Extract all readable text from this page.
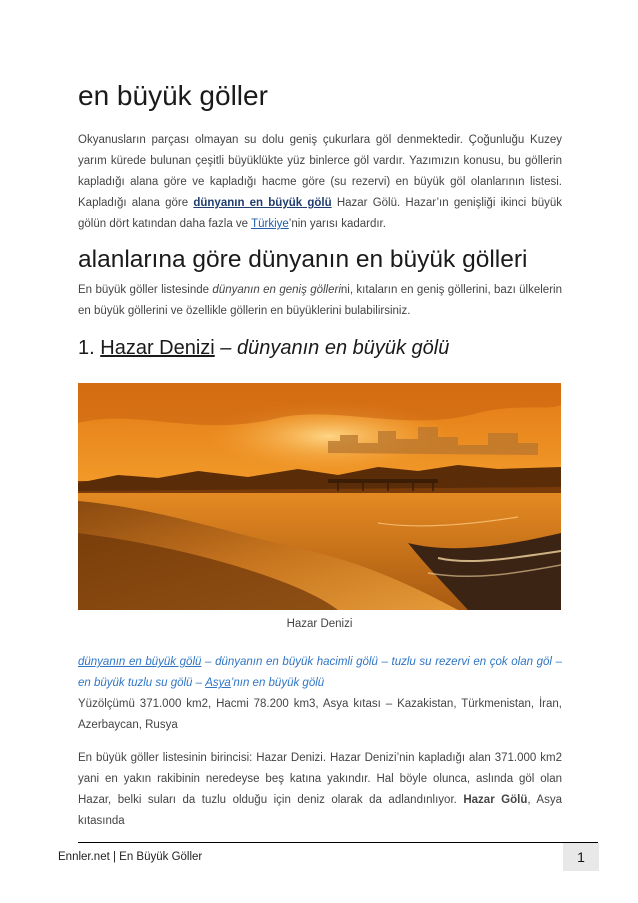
en büyük göller

Okyanusların parçası olmayan su dolu geniş çukurlara göl denmektedir. Çoğunluğu Kuzey yarım kürede bulunan çeşitli büyüklükte yüz binlerce göl vardır. Yazımızın konusu, bu göllerin kapladığı alana göre ve kapladığı hacme göre (su rezervi) en büyük göl olanlarının listesi. Kapladığı alana göre dünyanın en büyük gölü Hazar Gölü. Hazar’ın genişliği ikinci büyük gölün dört katından daha fazla ve Türkiye’nin yarısı kadardır.

alanlarına göre dünyanın en büyük gölleri

En büyük göller listesinde dünyanın en geniş göllerini, kıtaların en geniş göllerini, bazı ülkelerin en büyük göllerini ve özellikle göllerin en büyüklerini bulabilirsiniz.

1. Hazar Denizi – dünyanın en büyük gölü
Hazar Denizi

dünyanın en büyük gölü – dünyanın en büyük hacimli gölü – tuzlu su rezervi en çok olan göl – en büyük tuzlu su gölü – Asya’nın en büyük gölü

Yüzölçümü 371.000 km2, Hacmi 78.200 km3, Asya kıtası – Kazakistan, Türkmenistan, İran, Azerbaycan, Rusya

En büyük göller listesinin birincisi: Hazar Denizi. Hazar Denizi’nin kapladığı alan 371.000 km2 yani en yakın rakibinin neredeyse beş katına yakındır. Hal böyle olunca, aslında göl olan Hazar, belki suları da tuzlu olduğu için deniz olarak da adlandınlıyor. Hazar Gölü, Asya kıtasında

Ennler.net | En Büyük Göller	1
